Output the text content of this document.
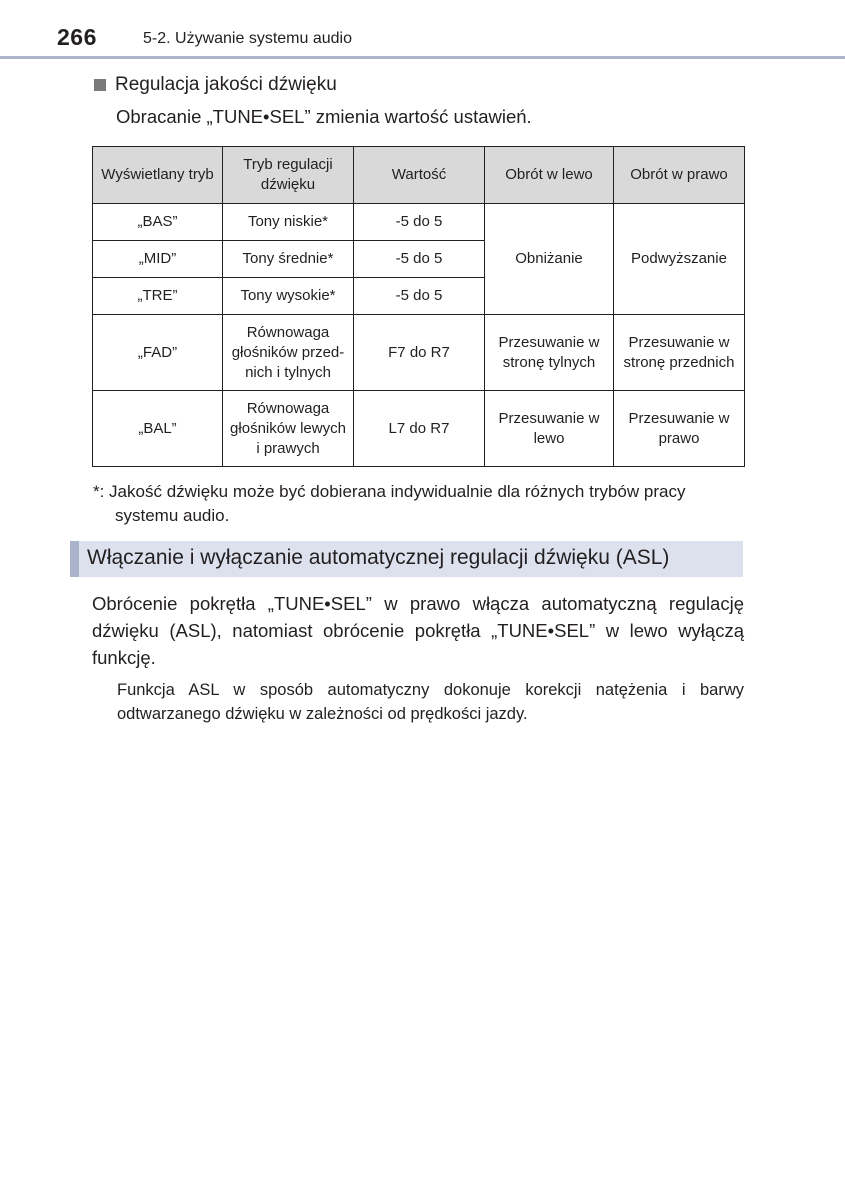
266	5-2. Używanie systemu audio
Regulacja jakości dźwięku
Obracanie „TUNE•SEL” zmienia wartość ustawień.
Wyświetlany tryb	Tryb regulacji dźwięku	Wartość	Obrót w lewo	Obrót w prawo
„BAS”	Tony niskie*	-5 do 5	Obniżanie	Podwyższanie
„MID”	Tony średnie*	-5 do 5		
„TRE”	Tony wysokie*	-5 do 5		
„FAD”	Równowaga głośników przed- nich i tylnych	F7 do R7	Przesuwanie w stronę tylnych	Przesuwanie w stronę przednich
„BAL”	Równowaga głośników lewych i prawych	L7 do R7	Przesuwanie w lewo	Przesuwanie w prawo
*: Jakość dźwięku może być dobierana indywidualnie dla różnych trybów pracy systemu audio.
Włączanie i wyłączanie automatycznej regulacji dźwięku (ASL)
Obrócenie pokrętła „TUNE•SEL” w prawo włącza automatyczną regulację dźwięku (ASL), natomiast obrócenie pokrętła „TUNE•SEL” w lewo wyłączą funkcję.
Funkcja ASL w sposób automatyczny dokonuje korekcji natężenia i barwy odtwarzanego dźwięku w zależności od prędkości jazdy.
